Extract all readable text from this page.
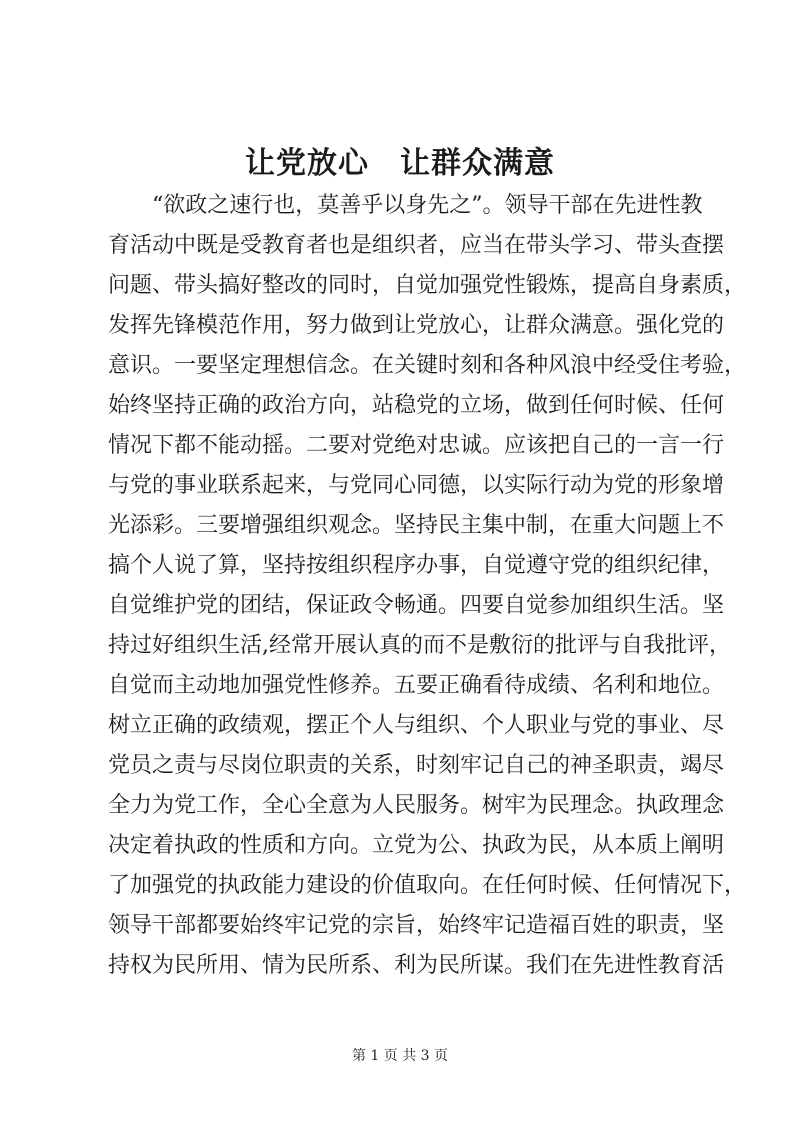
让党放心　让群众满意
“欲政之速行也，莫善乎以身先之”。领导干部在先进性教
育活动中既是受教育者也是组织者，应当在带头学习、带头查摆
问题、带头搞好整改的同时，自觉加强党性锻炼，提高自身素质，
发挥先锋模范作用，努力做到让党放心，让群众满意。强化党的
意识。一要坚定理想信念。在关键时刻和各种风浪中经受住考验，
始终坚持正确的政治方向，站稳党的立场，做到任何时候、任何
情况下都不能动摇。二要对党绝对忠诚。应该把自己的一言一行
与党的事业联系起来，与党同心同德，以实际行动为党的形象增
光添彩。三要增强组织观念。坚持民主集中制，在重大问题上不
搞个人说了算，坚持按组织程序办事，自觉遵守党的组织纪律，
自觉维护党的团结，保证政令畅通。四要自觉参加组织生活。坚
持过好组织生活,经常开展认真的而不是敷衍的批评与自我批评，
自觉而主动地加强党性修养。五要正确看待成绩、名利和地位。
树立正确的政绩观，摆正个人与组织、个人职业与党的事业、尽
党员之责与尽岗位职责的关系，时刻牢记自己的神圣职责，竭尽
全力为党工作，全心全意为人民服务。树牢为民理念。执政理念
决定着执政的性质和方向。立党为公、执政为民，从本质上阐明
了加强党的执政能力建设的价值取向。在任何时候、任何情况下，
领导干部都要始终牢记党的宗旨，始终牢记造福百姓的职责，坚
持权为民所用、情为民所系、利为民所谋。我们在先进性教育活
第 1 页 共 3 页
